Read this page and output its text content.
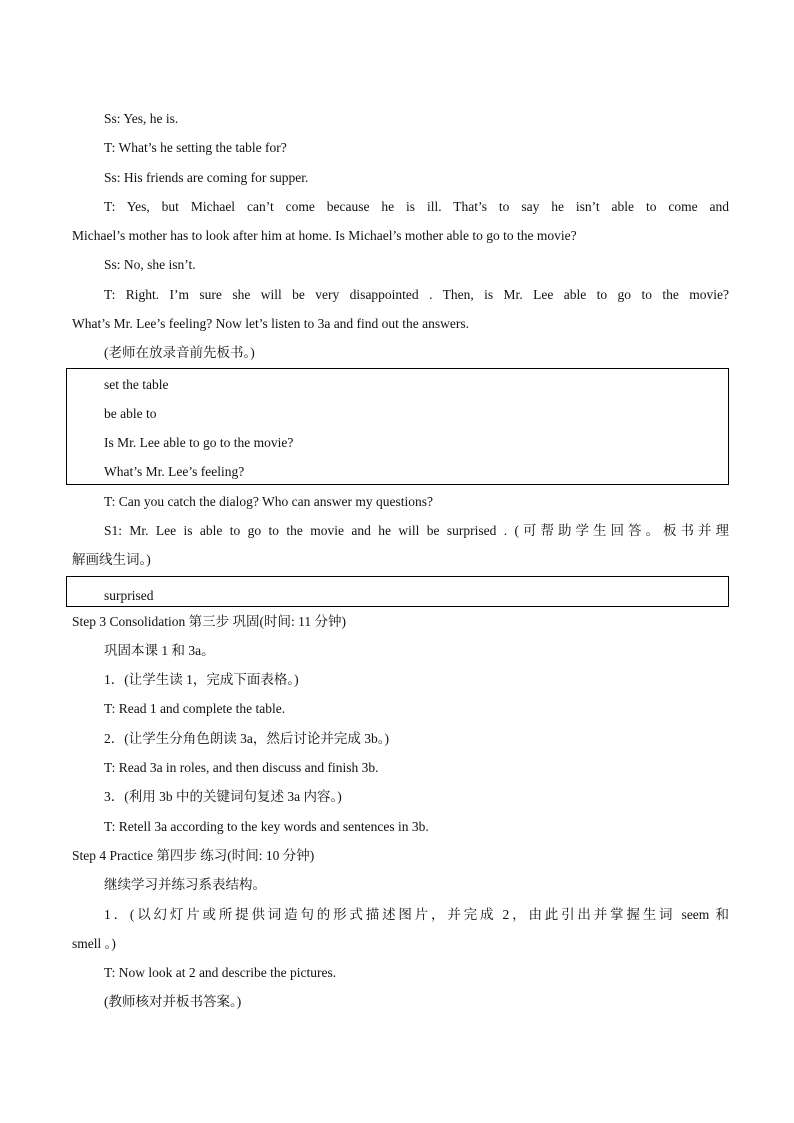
Ss: Yes, he is.
T: What’s he setting the table for?
Ss: His friends are coming for supper.
T: Yes, but Michael can’t come because he is ill. That’s to say he isn’t able to come and
Michael’s mother has to look after him at home. Is Michael’s mother able to go to the movie?
Ss: No, she isn’t.
T: Right. I’m sure she will be very disappointed . Then, is Mr. Lee able to go to the movie?
What’s Mr. Lee’s feeling? Now let’s listen to 3a and find out the answers.
(老师在放录音前先板书。)
set the table
be able to
Is Mr. Lee able to go to the movie?
What’s Mr. Lee’s feeling?
T: Can you catch the dialog? Who can answer my questions?
S1: Mr. Lee is able to go to the movie and he will be surprised . (可帮助学生回答。板书并理
解画线生词。)
surprised
Step 3 Consolidation 第三步 巩固(时间: 11 分钟)
巩固本课 1 和 3a。
1．(让学生读 1，完成下面表格。)
T: Read 1 and complete the table.
2．(让学生分角色朗读 3a，然后讨论并完成 3b。)
T: Read 3a in roles, and then discuss and finish 3b.
3．(利用 3b 中的关键词句复述 3a 内容。)
T: Retell 3a according to the key words and sentences in 3b.
Step 4 Practice 第四步 练习(时间: 10 分钟)
继续学习并练习系表结构。
1．(以幻灯片或所提供词造句的形式描述图片，并完成 2，由此引出并掌握生词 seem 和
smell 。)
T: Now look at 2 and describe the pictures.
(教师核对并板书答案。)
